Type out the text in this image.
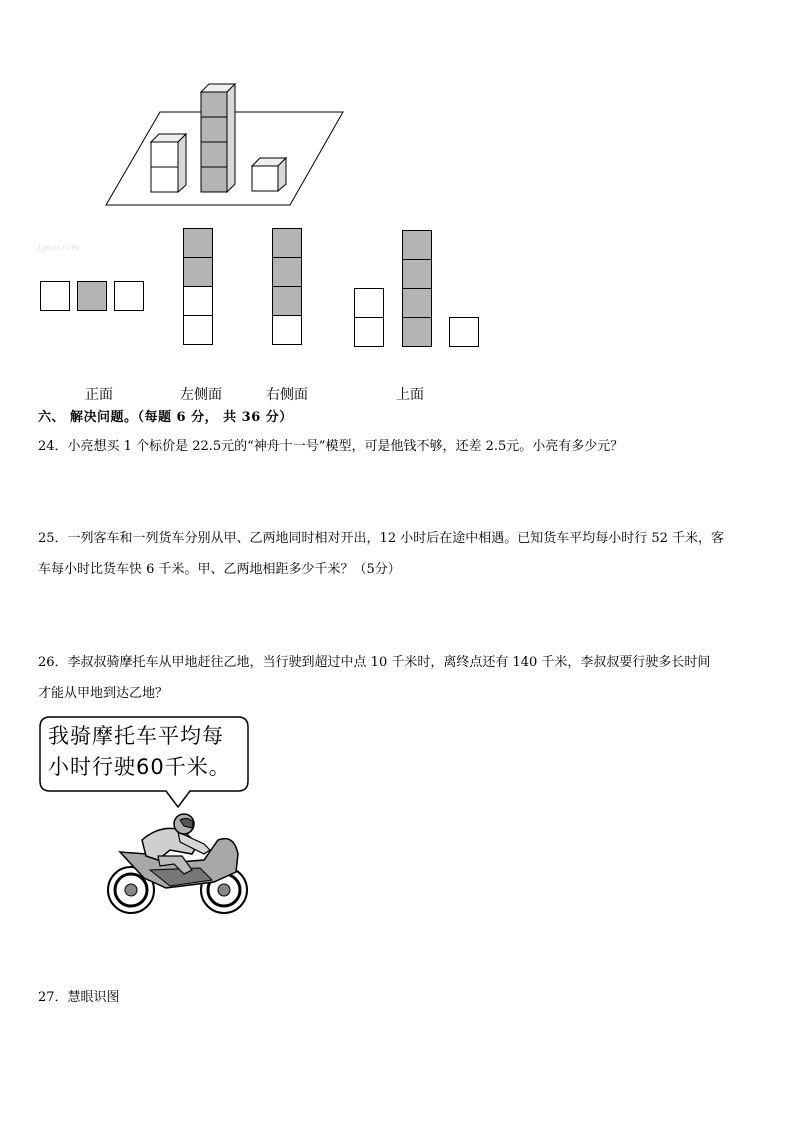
jyeoo.com
正面	左侧面	右侧面	上面
六、 解决问题。（每题 6 分， 共 36 分）
24．小亮想买 1 个标价是 22.5元的“神舟十一号”模型，可是他钱不够，还差 2.5元。小亮有多少元？
25．一列客车和一列货车分别从甲、乙两地同时相对开出，12 小时后在途中相遇。已知货车平均每小时行 52 千米，客
车每小时比货车快 6 千米。甲、乙两地相距多少千米？（5分）
26．李叔叔骑摩托车从甲地赶往乙地，当行驶到超过中点 10 千米时，离终点还有 140 千米，李叔叔要行驶多长时间
才能从甲地到达乙地？
我骑摩托车平均每
小时行驶60千米。
27．慧眼识图
